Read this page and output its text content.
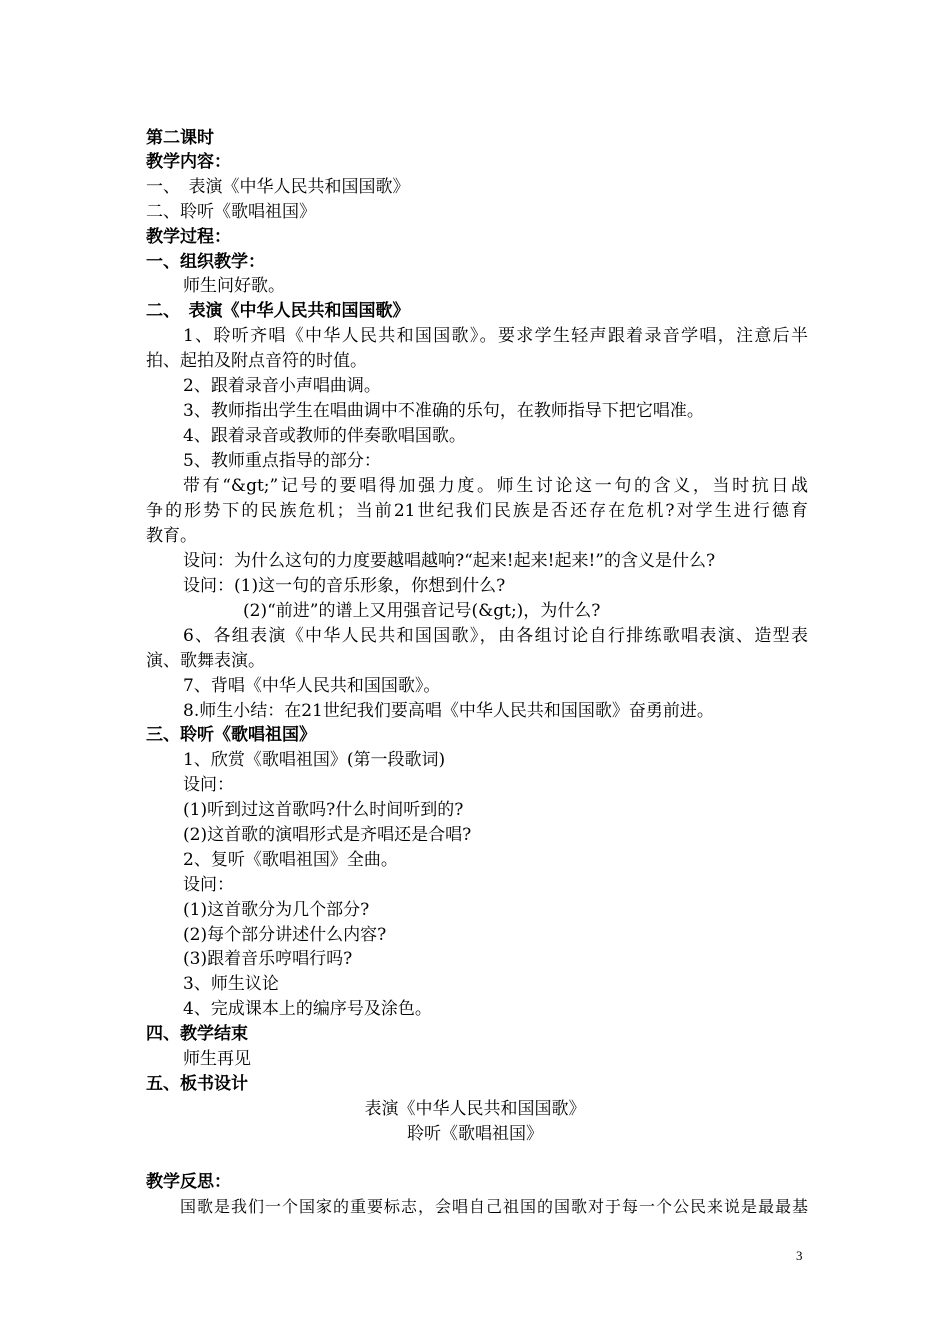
第二课时
教学内容：
一、　表演《中华人民共和国国歌》
二、聆听《歌唱祖国》
教学过程：
一、组织教学：
师生问好歌。
二、　表演《中华人民共和国国歌》
1、聆听齐唱《中华人民共和国国歌》。要求学生轻声跟着录音学唱，注意后半
拍、起拍及附点音符的时值。
2、跟着录音小声唱曲调。
3、教师指出学生在唱曲调中不准确的乐句，在教师指导下把它唱准。
4、跟着录音或教师的伴奏歌唱国歌。
5、教师重点指导的部分：
带有“&gt;”记号的要唱得加强力度。师生讨论这一句的含义，当时抗日战
争的形势下的民族危机；当前21世纪我们民族是否还存在危机?对学生进行德育
教育。
设问：为什么这句的力度要越唱越响?“起来!起来!起来!”的含义是什么?
设问：(1)这一句的音乐形象，你想到什么?
(2)“前进”的谱上又用强音记号(&gt;)，为什么?
6、各组表演《中华人民共和国国歌》，由各组讨论自行排练歌唱表演、造型表
演、歌舞表演。
7、背唱《中华人民共和国国歌》。
8.师生小结：在21世纪我们要高唱《中华人民共和国国歌》奋勇前进。
三、聆听《歌唱祖国》
1、欣赏《歌唱祖国》(第一段歌词)
设问：
(1)听到过这首歌吗?什么时间听到的?
(2)这首歌的演唱形式是齐唱还是合唱?
2、复听《歌唱祖国》全曲。
设问：
(1)这首歌分为几个部分?
(2)每个部分讲述什么内容?
(3)跟着音乐哼唱行吗?
3、师生议论
4、完成课本上的编序号及涂色。
四、教学结束
师生再见
五、板书设计
表演《中华人民共和国国歌》
聆听《歌唱祖国》
教学反思：
国歌是我们一个国家的重要标志，会唱自己祖国的国歌对于每一个公民来说是最最基
3
